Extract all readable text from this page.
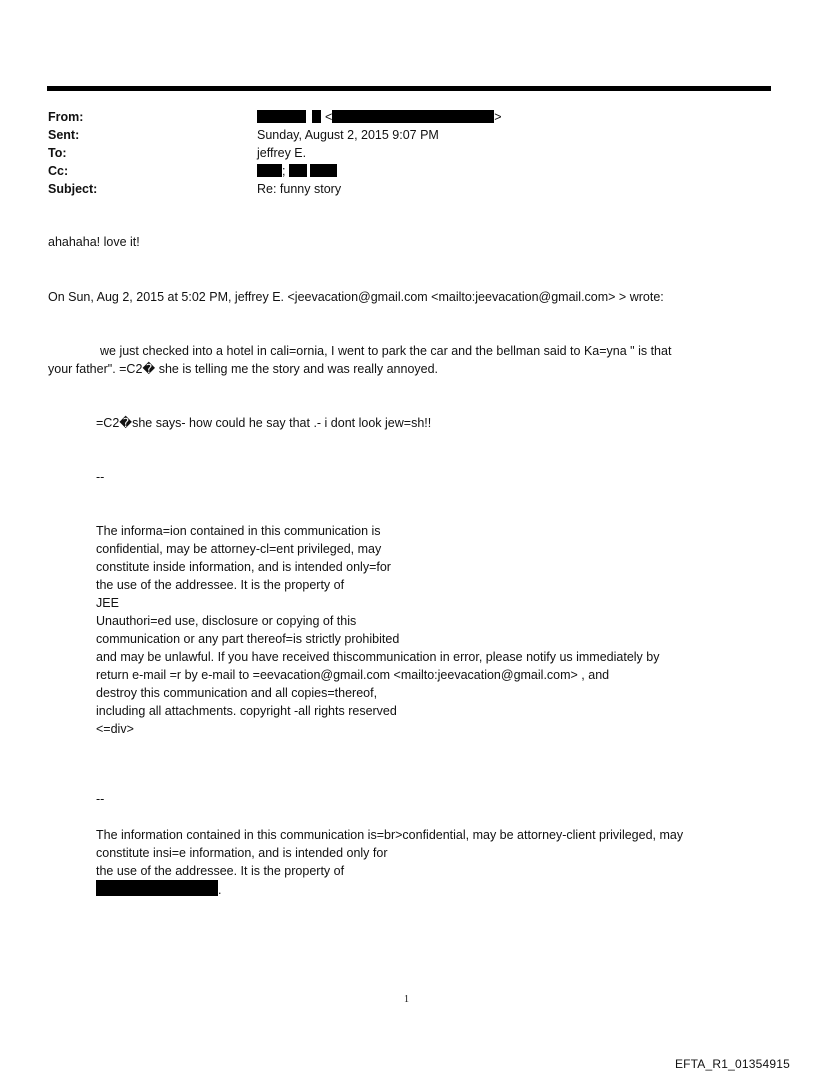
From:	<	>
Sent:	Sunday, August 2, 2015 9:07 PM
To:	jeffrey E.
Cc:	;
Subject:	Re: funny story
ahahaha! love it!
On Sun, Aug 2, 2015 at 5:02 PM, jeffrey E. <jeevacation@gmail.com <mailto:jeevacation@gmail.com> > wrote:
we just checked into a hotel in cali=ornia, I went to park the car and the bellman said to Ka=yna " is that
your father". =C2� she is telling me the story and was really annoyed.
=C2�she says- how could he say that .- i dont look jew=sh!!
--
The informa=ion contained in this communication is
confidential, may be attorney-cl=ent privileged, may
constitute inside information, and is intended only=for
the use of the addressee. It is the property of
JEE
Unauthori=ed use, disclosure or copying of this
communication or any part thereof=is strictly prohibited
and may be unlawful. If you have received thiscommunication in error, please notify us immediately by
return e-mail =r by e-mail to =eevacation@gmail.com <mailto:jeevacation@gmail.com> , and
destroy this communication and all copies=thereof,
including all attachments. copyright -all rights reserved
<=div>
--
The information contained in this communication is=br>confidential, may be attorney-client privileged, may
constitute insi=e information, and is intended only for
the use of the addressee. It is the property of
.
1
EFTA_R1_01354915
